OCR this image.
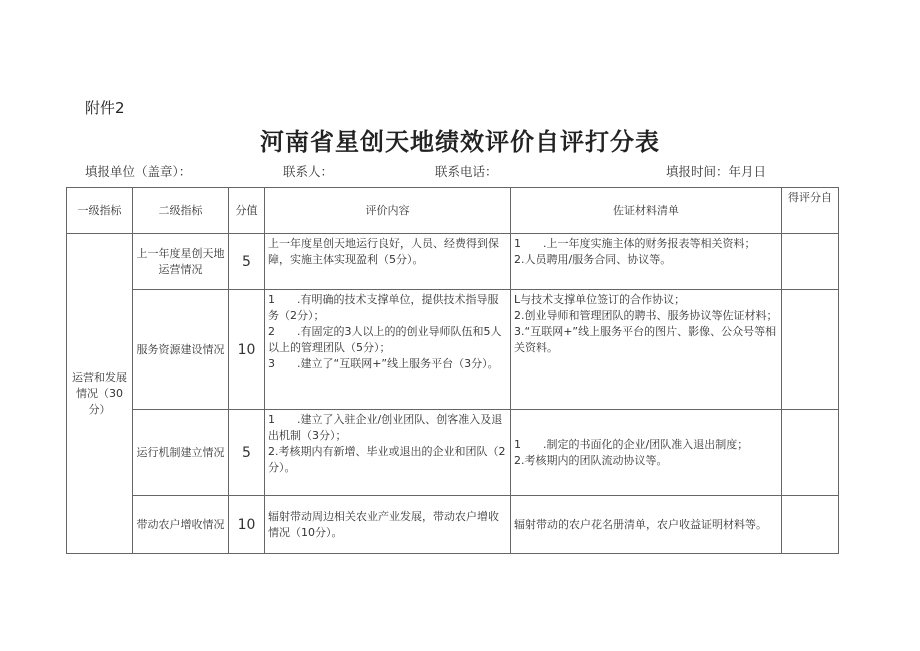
附件2
河南省星创天地绩效评价自评打分表
填报单位（盖章）：	联系人：	联系电话：	填报时间：年月日
一级指标	二级指标	分值	评价内容	佐证材料清单	得评分自
运营和发展情况（30分）	上一年度星创天地运营情况	5	上一年度星创天地运行良好，人员、经费得到保障，实施主体实现盈利（5分）。	1　　.上一年度实施主体的财务报表等相关资料；
2.人员聘用/服务合同、协议等。	

	服务资源建设情况	10	1　　.有明确的技术支撑单位，提供技术指导服务（2分）；
2　　.有固定的3人以上的的创业导师队伍和5人以上的管理团队（5分）；
3　　.建立了“互联网+”线上服务平台（3分）。	L与技术支撑单位签订的合作协议；
2.创业导师和管理团队的聘书、服务协议等佐证材料；
3.“互联网+”线上服务平台的图片、影像、公众号等相关资料。	

	运行机制建立情况	5	1　　.建立了入驻企业/创业团队、创客准入及退出机制（3分）；
2.考核期内有新增、毕业或退出的企业和团队（2分）。	1　　.制定的书面化的企业/团队准入退出制度；
2.考核期内的团队流动协议等。	

	带动农户增收情况	10	辐射带动周边相关农业产业发展，带动农户增收情况（10分）。	辐射带动的农户花名册清单，农户收益证明材料等。	
